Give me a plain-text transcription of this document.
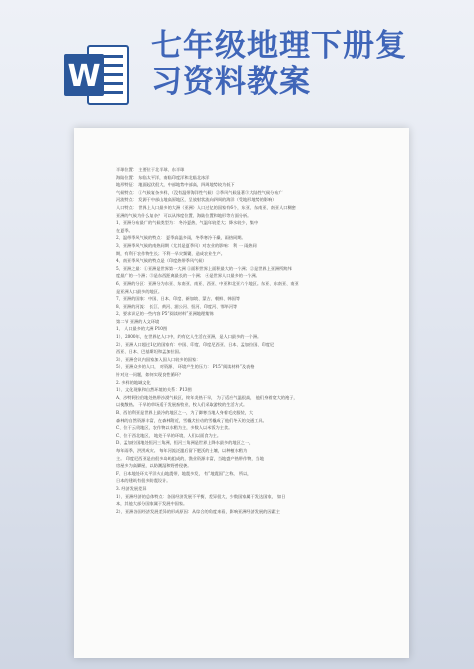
W
七年级地理下册复
习资料教案
半球位置： 主要位于北半球、东半球
海陆位置： 东临太平洋，南临印度洋和北临北冰洋
地形特征： 地面起伏很大，中部地势中部高，四周地势较为低下
气候特点： ①气候复杂多样，（没有温带海洋性气候）②季风气候显著③大陆性气候分布广
河流特点： 发源于中部山地高原地区，呈放射状流向四周的海洋（受地形地势的影响）
人口特点： 世界上人口最多的大洲（亚洲）人口过亿的国家有6个，东亚、东南亚、南亚人口稠密
亚洲的气候为什么复杂？ 可以从纬度位置、海陆位置和地形等方面分析。
1、亚洲分布最广的气候类型为： 冬冷夏热，气温年较差大；降水较少，集中
在夏季。
2、温带季风气候的特点： 夏季高温多雨，冬季寒冷干燥，雨热同期。
3、亚洲季风气候的南热同期（尤其是夏季风）对农业的影响： 利 一 雨热同
期，有利于农作物生长；不利一旱灾频繁，造成农业生产。
4、南亚季风气候的特点是（印度热带季风气候）
5、亚洲之最：①亚洲是世界第一大洲 ①面积世界上面积最大的一个洲；②是世界上亚洲所跨纬
度最广的一个洲；③是东西距离最长的一个洲； ④是世界人口最多的一个洲。
6、亚洲的分区：亚洲分为东亚、东南亚、南亚、西亚、中亚和北亚六个地区。东亚、东南亚、南亚
是亚洲人口最多的地区。
7、亚洲的国家：中国、日本、印度、新加坡、蒙古、朝鲜、韩国等
8、亚洲的河流： 长江、黄河、湄公河、恒河、印度河、鄂毕河等
2、要求识记的一些内容 P5“阅读材料”亚洲地理集锦
第二节 亚洲的人文环境
1、 人口最多的大洲 P10图
1）、2000年，在世界亿人口中，约有亿人生活在亚洲，是人口最多的一个洲。
2）、亚洲人口超过1亿的国家有：中国、印度、印度尼西亚、日本、孟加拉国、印度尼
西亚、日本、巴基斯坦和孟加拉国。
3）、亚洲会议内国家加入国人口较多的国家：
5）、亚洲众多的人口， 对资源、 环境产生的压力： P15“阅读材料”及表格
针对这一问题，如何实现良性循环？
2. 多样的地域文化
1）、文化现象和自然环境的关系：P13图
A、沙特阿拉伯地处热带沙漠气候区，终年炎热干旱， 为了适应气温很高， 他们身着宽大的袍子，
以使散热。 干旱的草场适于发展畜牧业，牧人们采取游牧的生活方式。
B、西伯利亚是世界上最冷的地区之一，为了御寒当地人身着毛皮服装，大
森林的自然资源丰富，在森林附近，雪橇犬拉动的雪橇成了他们冬天的交通工具。
C、位于云贵地区，农作物以水稻为主，多数人以米饭为主食。
C、位于西北地区， 地处干旱的环境，人们以面食为主。
D、孟加拉国地处恒河三角洲，恒河三角洲是世界上降水最多的地区之一，
每年雨季，洪涝成灾。 每年河流泛滥后留下肥沃的土壤，以种植水稻为
主。 印度尼西亚是由很多岛屿组成的，渔业资源丰富，当地盛产热带作物，当地
房屋多为高脚屋，以防潮湿和野兽侵袭。
F、日本地处环太平洋火山地震带，地震多发， 有“地震国”之称， 所以，
日本的建筑有很多防震设计。
3. 经济发展差异
1）、亚洲经济的总体特点：各国经济发展不平衡，差异很大，少数国家属于发达国家， 如日
本，其他大部分国家属于发展中国家。
2）、亚洲各国经济发展差异的形成原因：从综合的角度来看，影响亚洲经济发展的因素主
